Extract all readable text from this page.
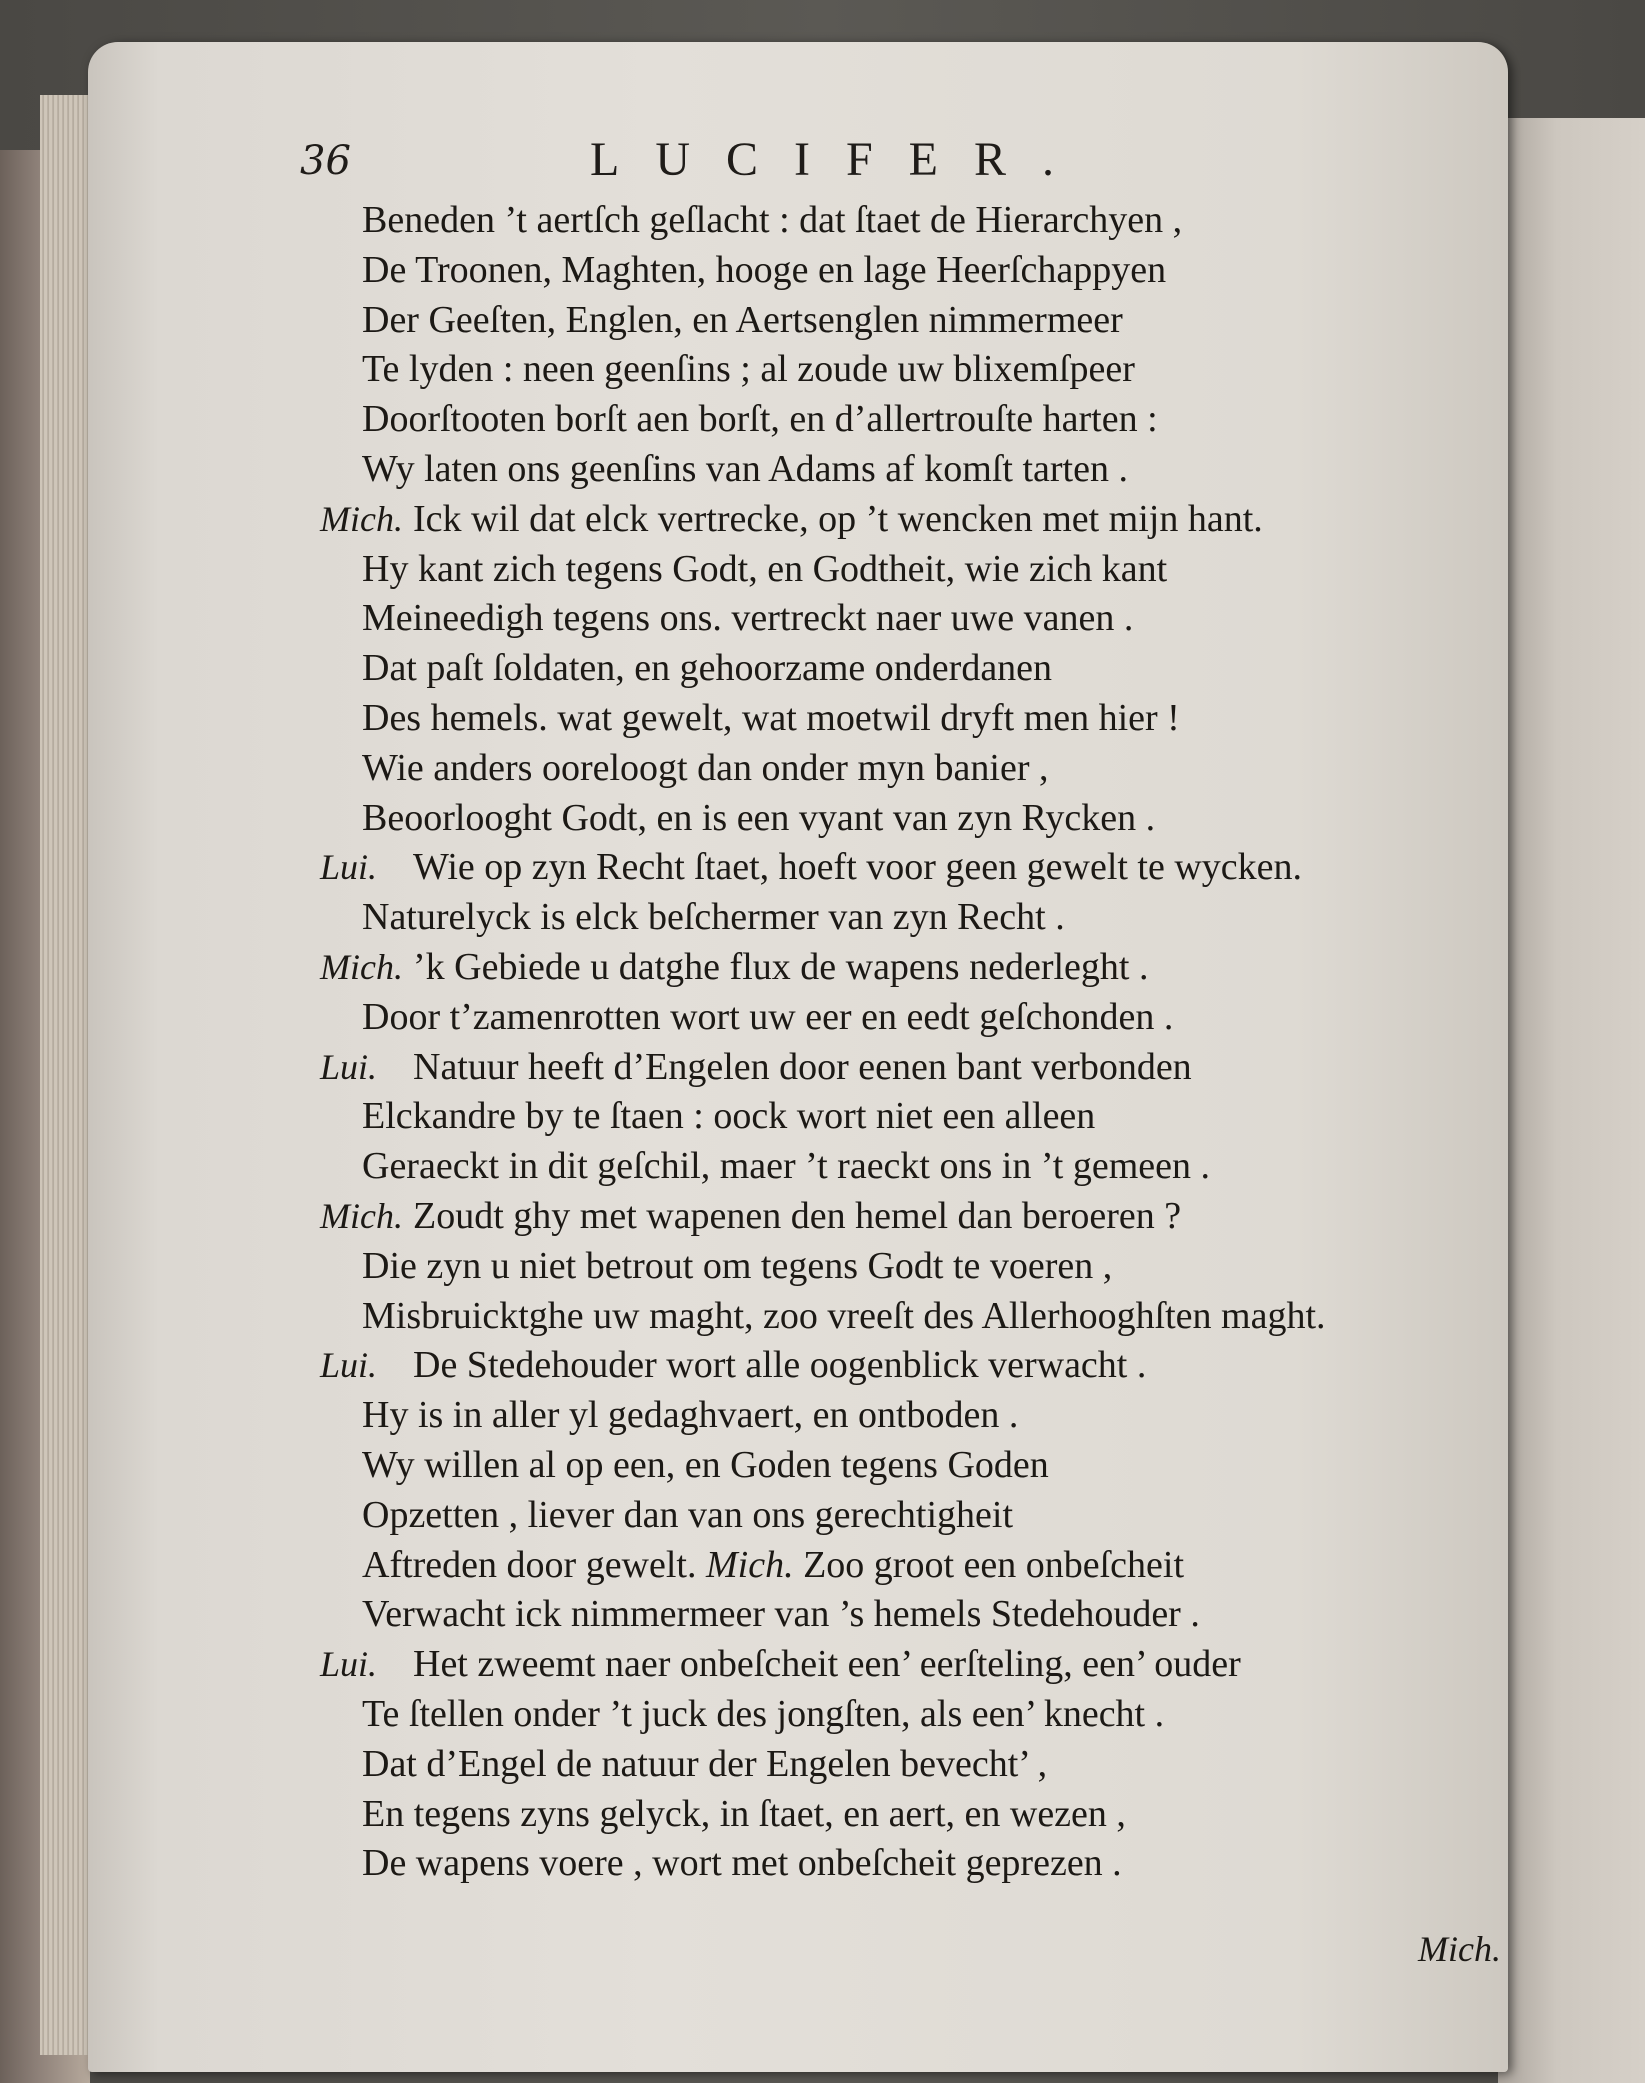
36	LUCIFER.
Beneden ’t aertſch geſlacht : dat ſtaet de Hierarchyen ,
De Troonen, Maghten, hooge en lage Heerſchappyen
Der Geeſten, Englen, en Aertsenglen nimmermeer
Te lyden : neen geenſins ; al zoude uw blixemſpeer
Doorſtooten borſt aen borſt, en d’allertrouſte harten :
Wy laten ons geenſins van Adams af komſt tarten .
Mich. Ick wil dat elck vertrecke, op ’t wencken met mijn hant.
Hy kant zich tegens Godt, en Godtheit, wie zich kant
Meineedigh tegens ons. vertreckt naer uwe vanen .
Dat paſt ſoldaten, en gehoorzame onderdanen
Des hemels. wat gewelt, wat moetwil dryft men hier !
Wie anders ooreloogt dan onder myn banier ,
Beoorlooght Godt, en is een vyant van zyn Rycken .
Lui. Wie op zyn Recht ſtaet, hoeft voor geen gewelt te wycken.
Naturelyck is elck beſchermer van zyn Recht .
Mich. ’k Gebiede u datghe flux de wapens nederleght .
Door t’zamenrotten wort uw eer en eedt geſchonden .
Lui. Natuur heeft d’Engelen door eenen bant verbonden
Elckandre by te ſtaen : oock wort niet een alleen
Geraeckt in dit geſchil, maer ’t raeckt ons in ’t gemeen .
Mich. Zoudt ghy met wapenen den hemel dan beroeren ?
Die zyn u niet betrout om tegens Godt te voeren ,
Misbruicktghe uw maght, zoo vreeſt des Allerhooghſten maght.
Lui. De Stedehouder wort alle oogenblick verwacht .
Hy is in aller yl gedaghvaert, en ontboden .
Wy willen al op een, en Goden tegens Goden
Opzetten , liever dan van ons gerechtigheit
Aftreden door gewelt. Mich. Zoo groot een onbeſcheit
Verwacht ick nimmermeer van ’s hemels Stedehouder .
Lui. Het zweemt naer onbeſcheit een’ eerſteling, een’ ouder
Te ſtellen onder ’t juck des jongſten, als een’ knecht .
Dat d’Engel de natuur der Engelen bevecht’ ,
En tegens zyns gelyck, in ſtaet, en aert, en wezen ,
De wapens voere , wort met onbeſcheit geprezen .
Mich.
